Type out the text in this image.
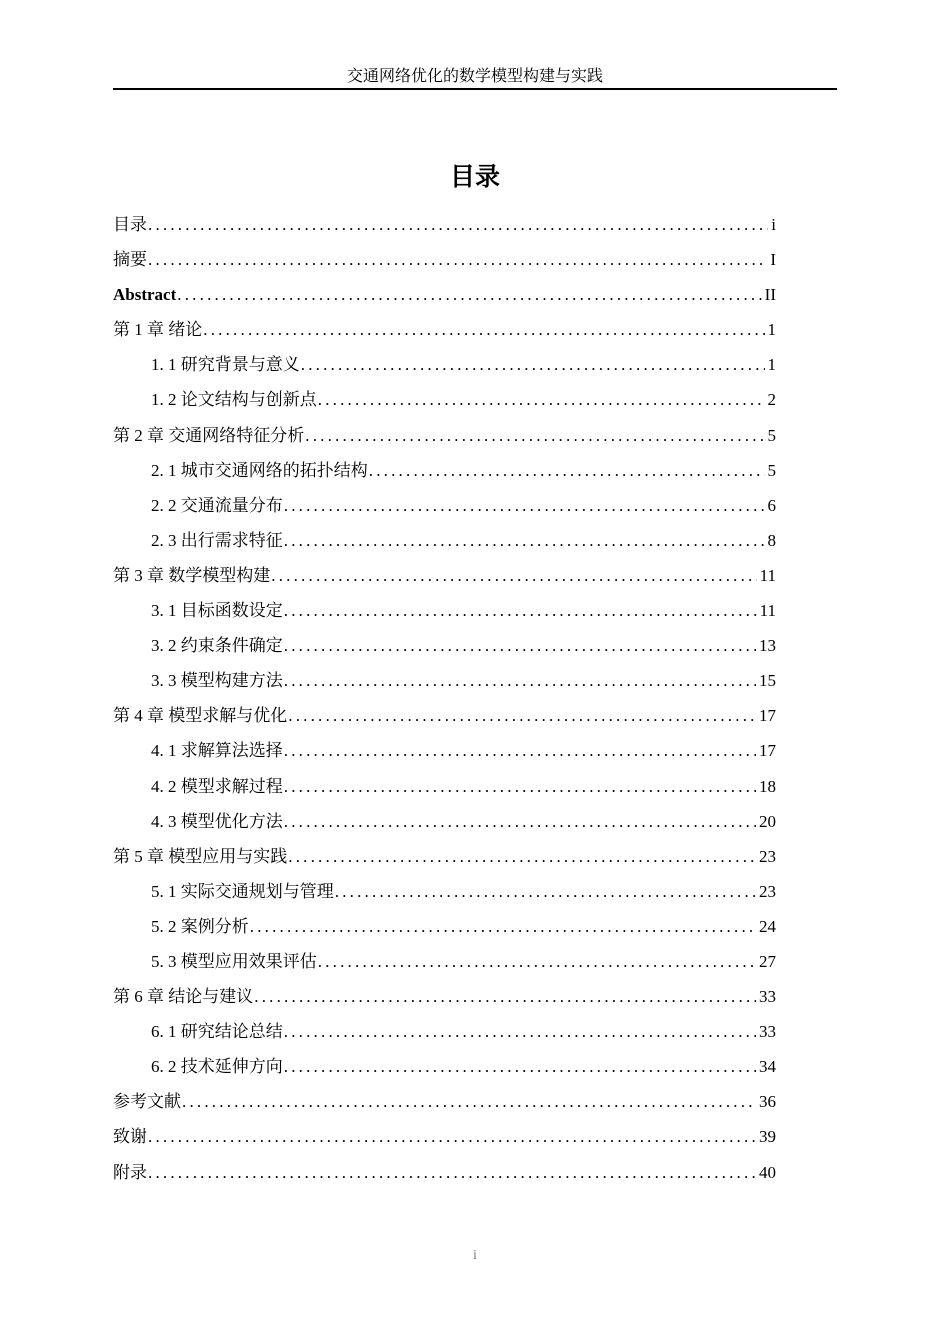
交通网络优化的数学模型构建与实践
目录
目录 .....	i
摘要 .....	I
Abstract .....	II
第 1 章 绪论 .....	1
1. 1 研究背景与意义 .....	1
1. 2 论文结构与创新点 .....	2
第 2 章 交通网络特征分析 .....	5
2. 1 城市交通网络的拓扑结构 .....	5
2. 2 交通流量分布 .....	6
2. 3 出行需求特征 .....	8
第 3 章 数学模型构建 .....	11
3. 1 目标函数设定 .....	11
3. 2 约束条件确定 .....	13
3. 3 模型构建方法 .....	15
第 4 章 模型求解与优化 .....	17
4. 1 求解算法选择 .....	17
4. 2 模型求解过程 .....	18
4. 3 模型优化方法 .....	20
第 5 章 模型应用与实践 .....	23
5. 1 实际交通规划与管理 .....	23
5. 2 案例分析 .....	24
5. 3 模型应用效果评估 .....	27
第 6 章 结论与建议 .....	33
6. 1 研究结论总结 .....	33
6. 2 技术延伸方向 .....	34
参考文献 .....	36
致谢 .....	39
附录 .....	40
i
